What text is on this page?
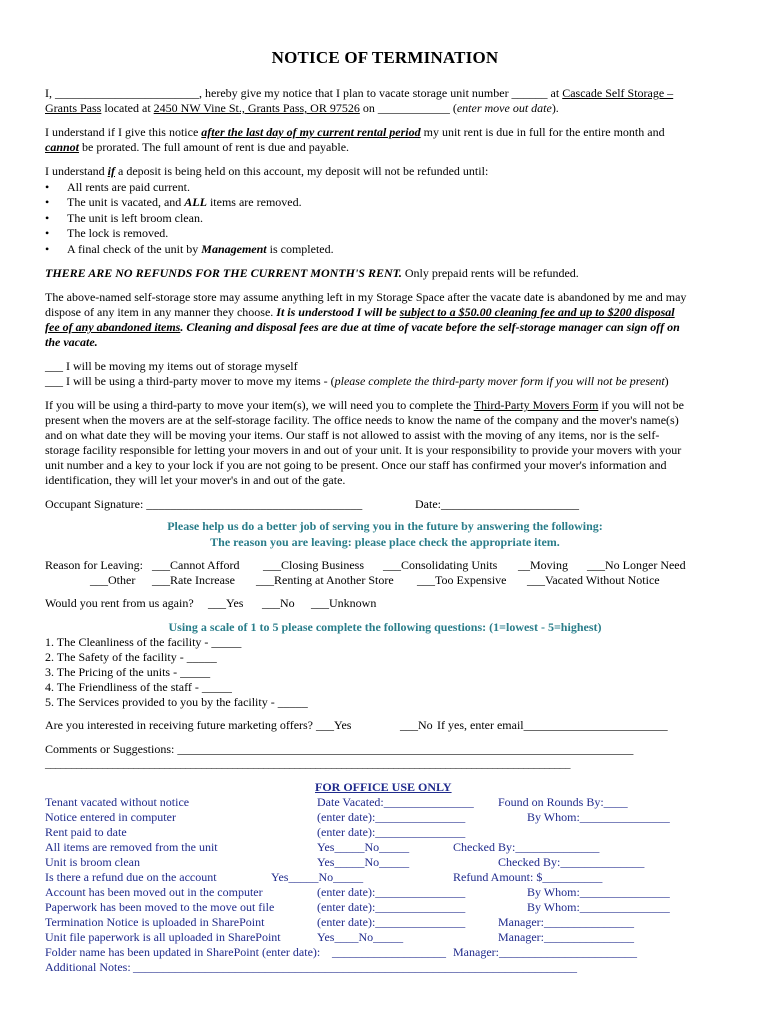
NOTICE OF TERMINATION
I, ________________________, hereby give my notice that I plan to vacate storage unit number ______ at Cascade Self Storage –
Grants Pass located at 2450 NW Vine St., Grants Pass, OR 97526 on ____________ (enter move out date).
I understand if I give this notice after the last day of my current rental period my unit rent is due in full for the entire month and
cannot be prorated. The full amount of rent is due and payable.
I understand if a deposit is being held on this account, my deposit will not be refunded until:
• All rents are paid current.
• The unit is vacated, and ALL items are removed.
• The unit is left broom clean.
• The lock is removed.
• A final check of the unit by Management is completed.
THERE ARE NO REFUNDS FOR THE CURRENT MONTH'S RENT. Only prepaid rents will be refunded.
The above-named self-storage store may assume anything left in my Storage Space after the vacate date is abandoned by me and may
dispose of any item in any manner they choose. It is understood I will be subject to a $50.00 cleaning fee and up to $200 disposal
fee of any abandoned items. Cleaning and disposal fees are due at time of vacate before the self-storage manager can sign off on
the vacate.
___ I will be moving my items out of storage myself
___ I will be using a third-party mover to move my items - (please complete the third-party mover form if you will not be present)
If you will be using a third-party to move your item(s), we will need you to complete the Third-Party Movers Form if you will not be
present when the movers are at the self-storage facility. The office needs to know the name of the company and the mover's name(s)
and on what date they will be moving your items. Our staff is not allowed to assist with the moving of any items, nor is the self-
storage facility responsible for letting your movers in and out of your unit. It is your responsibility to provide your movers with your
unit number and a key to your lock if you are not going to be present. Once our staff has confirmed your mover's information and
identification, they will let your mover's in and out of the gate.
Occupant Signature: ____________________________________	Date:_______________________
Please help us do a better job of serving you in the future by answering the following:
The reason you are leaving: please place check the appropriate item.
Reason for Leaving: ___Cannot Afford ___Closing Business ___Consolidating Units __Moving ___No Longer Need
___Other ___Rate Increase ___Renting at Another Store ___Too Expensive ___Vacated Without Notice
Would you rent from us again? ___Yes ___No ___Unknown
Using a scale of 1 to 5 please complete the following questions: (1=lowest - 5=highest)
1. The Cleanliness of the facility - _____
2. The Safety of the facility - _____
3. The Pricing of the units - _____
4. The Friendliness of the staff - _____
5. The Services provided to you by the facility - _____
Are you interested in receiving future marketing offers? ___Yes	___No If yes, enter email________________________
Comments or Suggestions: ____________________________________________________________________________
_____________________________________________________________________________________________________
FOR OFFICE USE ONLY
Tenant vacated without notice
Notice entered in computer
Rent paid to date
All items are removed from the unit
Unit is broom clean
Is there a refund due on the account
Account has been moved out in the computer
Paperwork has been moved to the move out file
Termination Notice is uploaded in SharePoint
Unit file paperwork is all uploaded in SharePoint
Folder name has been updated in SharePoint (enter date):
Additional Notes:
Date Vacated:_______________
(enter date):_______________
(enter date):_______________
Yes_____No_____
Yes_____No_____
Yes_____No_____
(enter date):_______________
(enter date):_______________
(enter date):_______________
Yes____No_____
Found on Rounds By:____
By Whom:_______________
Checked By:______________
Checked By:______________
Refund Amount: $__________
By Whom:_______________
By Whom:_______________
Manager:_______________
Manager:_______________
___________________ Manager:_______________________
__________________________________________________________________________
